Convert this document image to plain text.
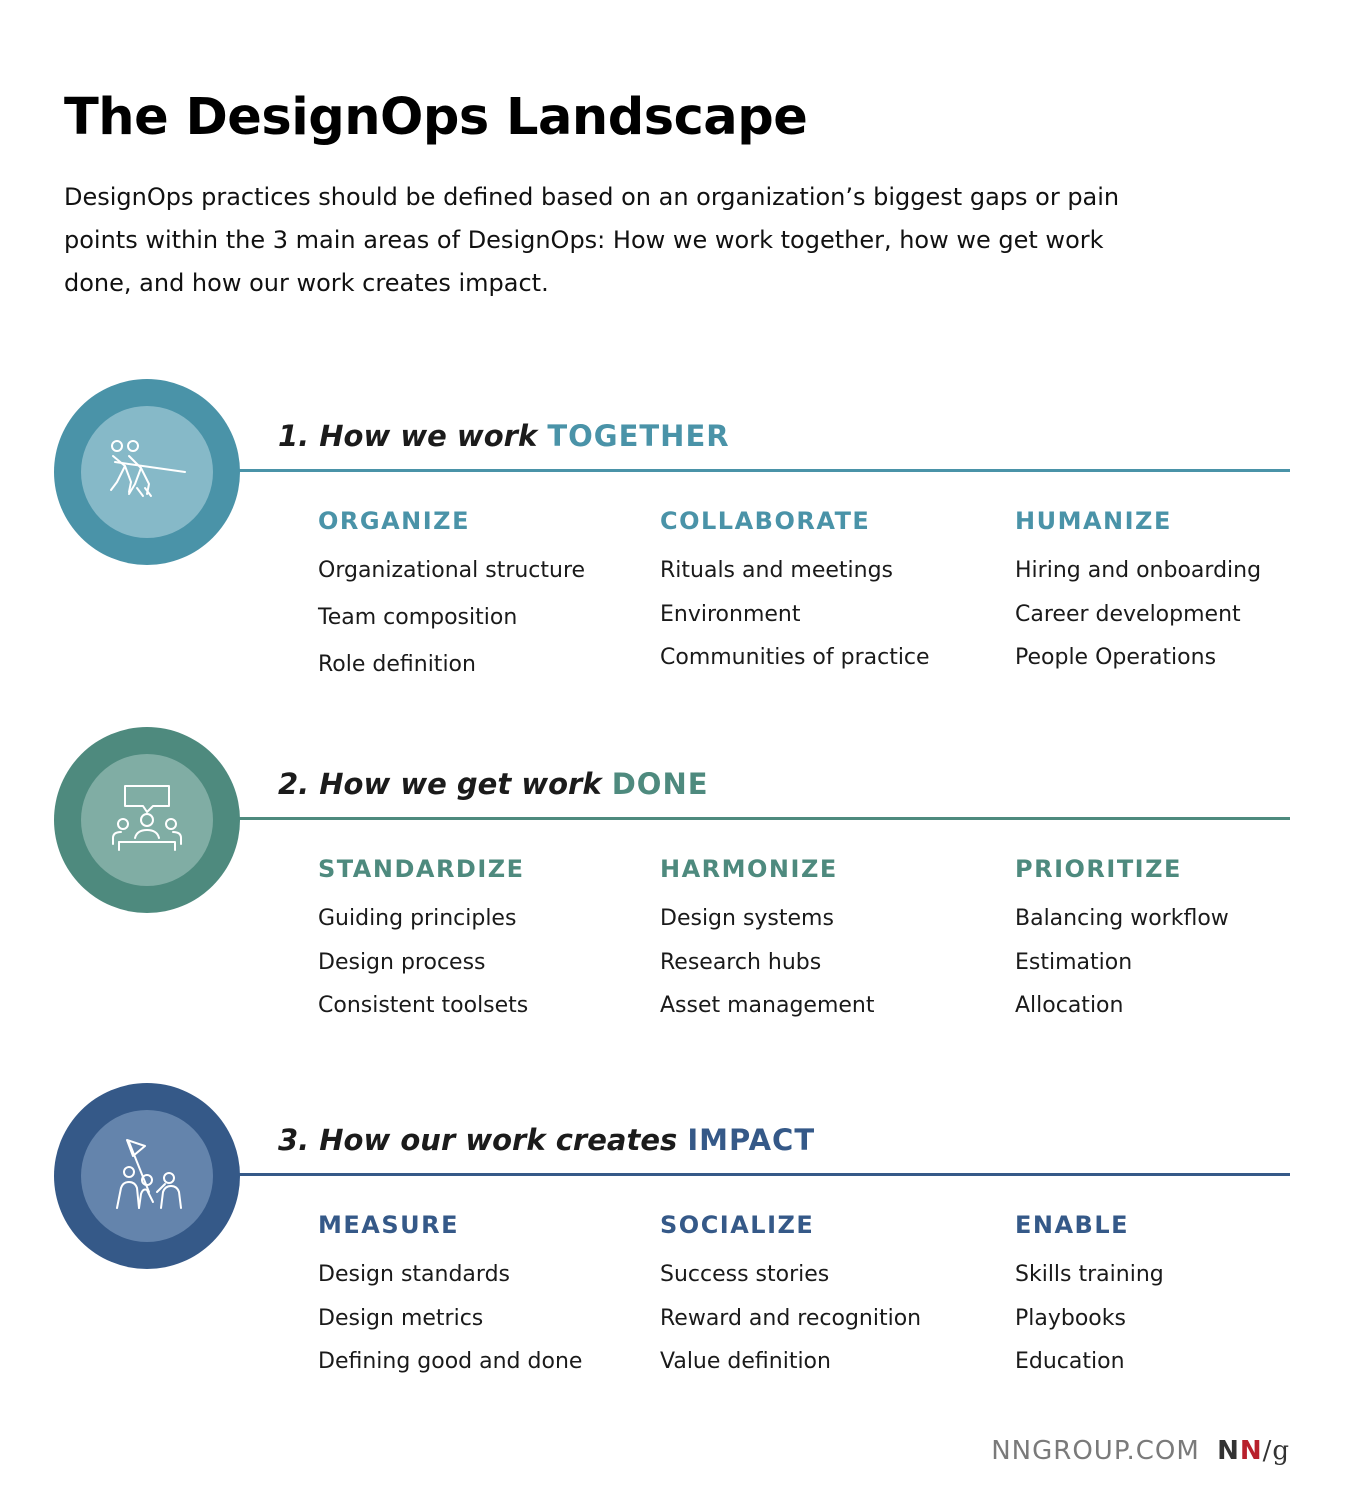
The DesignOps Landscape

DesignOps practices should be defined based on an organization’s biggest gaps or pain points within the 3 main areas of DesignOps: How we work together, how we get work done, and how our work creates impact.

1. How we work TOGETHER
ORGANIZE
Organizational structure
Team composition
Role definition
COLLABORATE
Rituals and meetings
Environment
Communities of practice
HUMANIZE
Hiring and onboarding
Career development
People Operations
2. How we get work DONE
STANDARDIZE
Guiding principles
Design process
Consistent toolsets
HARMONIZE
Design systems
Research hubs
Asset management
PRIORITIZE
Balancing workflow
Estimation
Allocation
3. How our work creates IMPACT
MEASURE
Design standards
Design metrics
Defining good and done
SOCIALIZE
Success stories
Reward and recognition
Value definition
ENABLE
Skills training
Playbooks
Education
NNGROUP.COM NN/g
